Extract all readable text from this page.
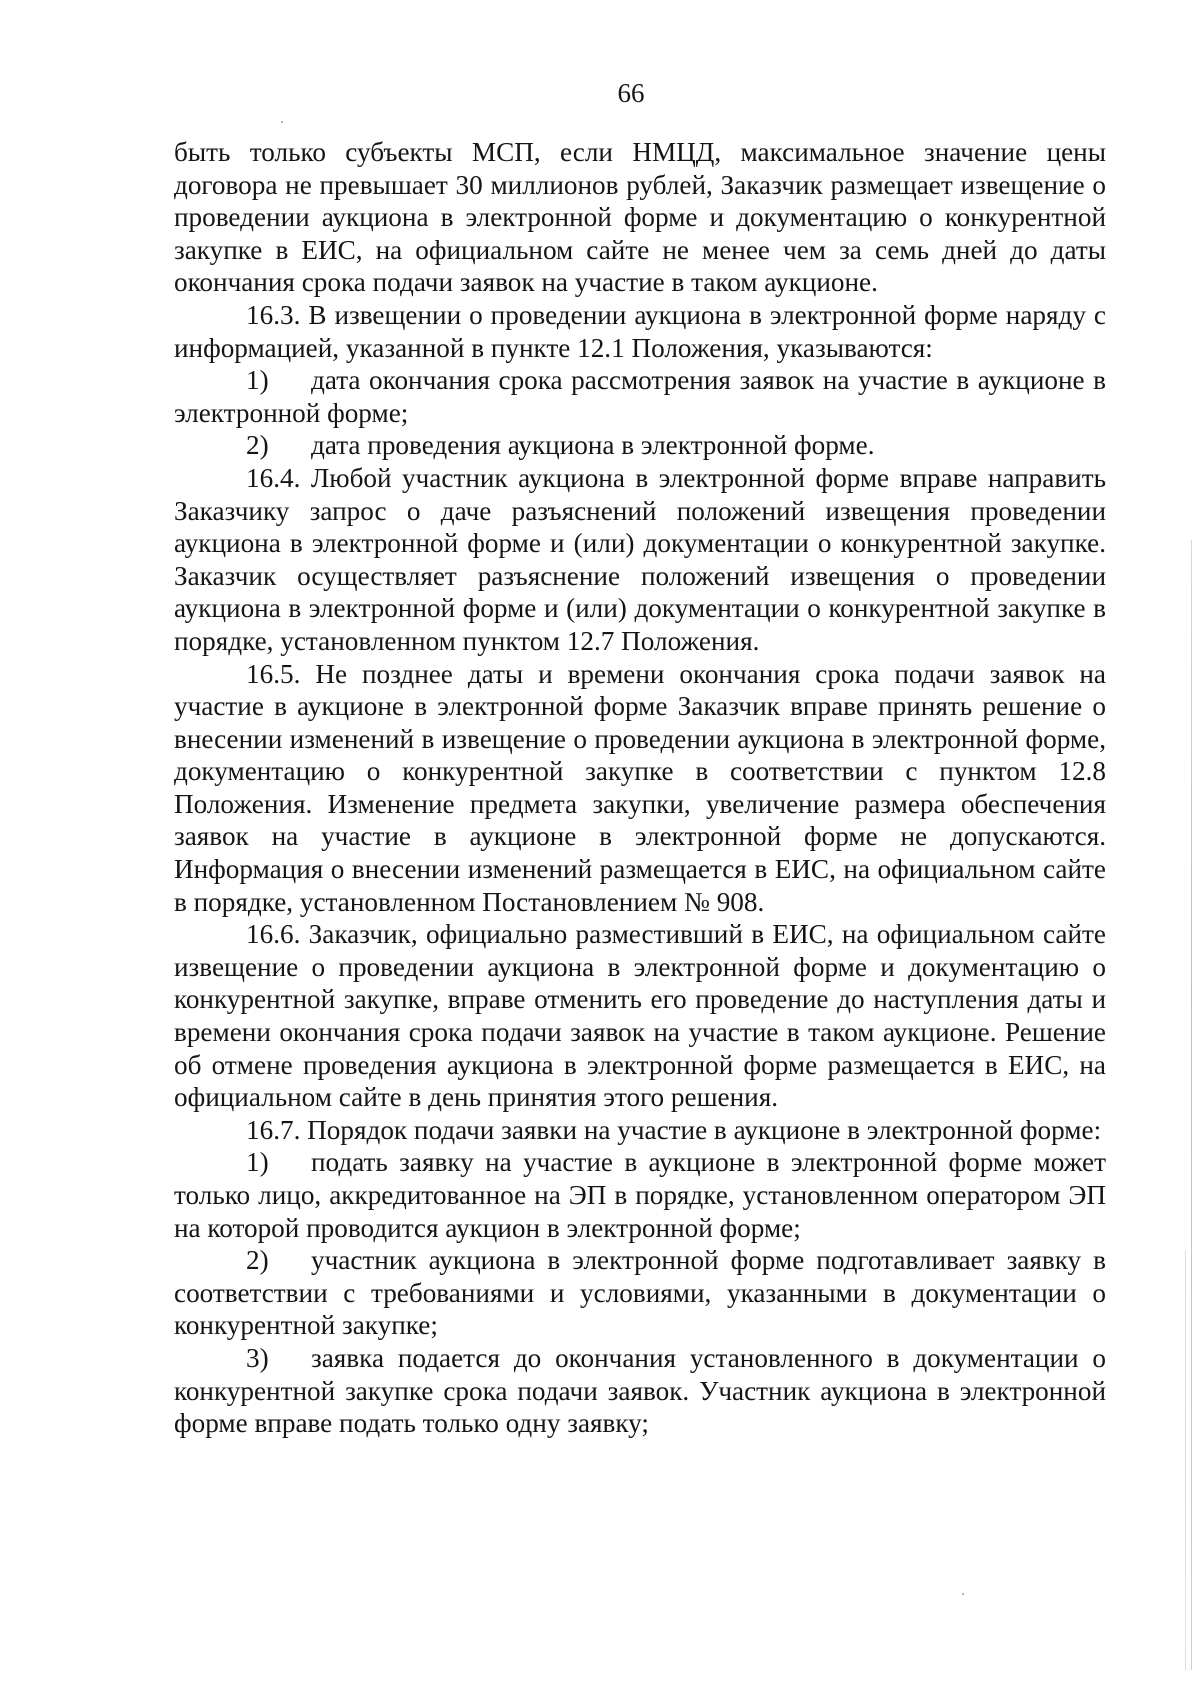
66

быть только субъекты МСП, если НМЦД, максимальное значение цены договора не превышает 30 миллионов рублей, Заказчик размещает извещение о проведении аукциона в электронной форме и документацию о конкурентной закупке в ЕИС, на официальном сайте не менее чем за семь дней до даты окончания срока подачи заявок на участие в таком аукционе.

16.3. В извещении о проведении аукциона в электронной форме наряду с информацией, указанной в пункте 12.1 Положения, указываются:

1) дата окончания срока рассмотрения заявок на участие в аукционе в электронной форме;

2) дата проведения аукциона в электронной форме.

16.4. Любой участник аукциона в электронной форме вправе направить Заказчику запрос о даче разъяснений положений извещения проведении аукциона в электронной форме и (или) документации о конкурентной закупке. Заказчик осуществляет разъяснение положений извещения о проведении аукциона в электронной форме и (или) документации о конкурентной закупке в порядке, установленном пунктом 12.7 Положения.

16.5. Не позднее даты и времени окончания срока подачи заявок на участие в аукционе в электронной форме Заказчик вправе принять решение о внесении изменений в извещение о проведении аукциона в электронной форме, документацию о конкурентной закупке в соответствии с пунктом 12.8 Положения. Изменение предмета закупки, увеличение размера обеспечения заявок на участие в аукционе в электронной форме не допускаются. Информация о внесении изменений размещается в ЕИС, на официальном сайте в порядке, установленном Постановлением № 908.

16.6. Заказчик, официально разместивший в ЕИС, на официальном сайте извещение о проведении аукциона в электронной форме и документацию о конкурентной закупке, вправе отменить его проведение до наступления даты и времени окончания срока подачи заявок на участие в таком аукционе. Решение об отмене проведения аукциона в электронной форме размещается в ЕИС, на официальном сайте в день принятия этого решения.

16.7. Порядок подачи заявки на участие в аукционе в электронной форме:

1) подать заявку на участие в аукционе в электронной форме может только лицо, аккредитованное на ЭП в порядке, установленном оператором ЭП на которой проводится аукцион в электронной форме;

2) участник аукциона в электронной форме подготавливает заявку в соответствии с требованиями и условиями, указанными в документации о конкурентной закупке;

3) заявка подается до окончания установленного в документации о конкурентной закупке срока подачи заявок. Участник аукциона в электронной форме вправе подать только одну заявку;
